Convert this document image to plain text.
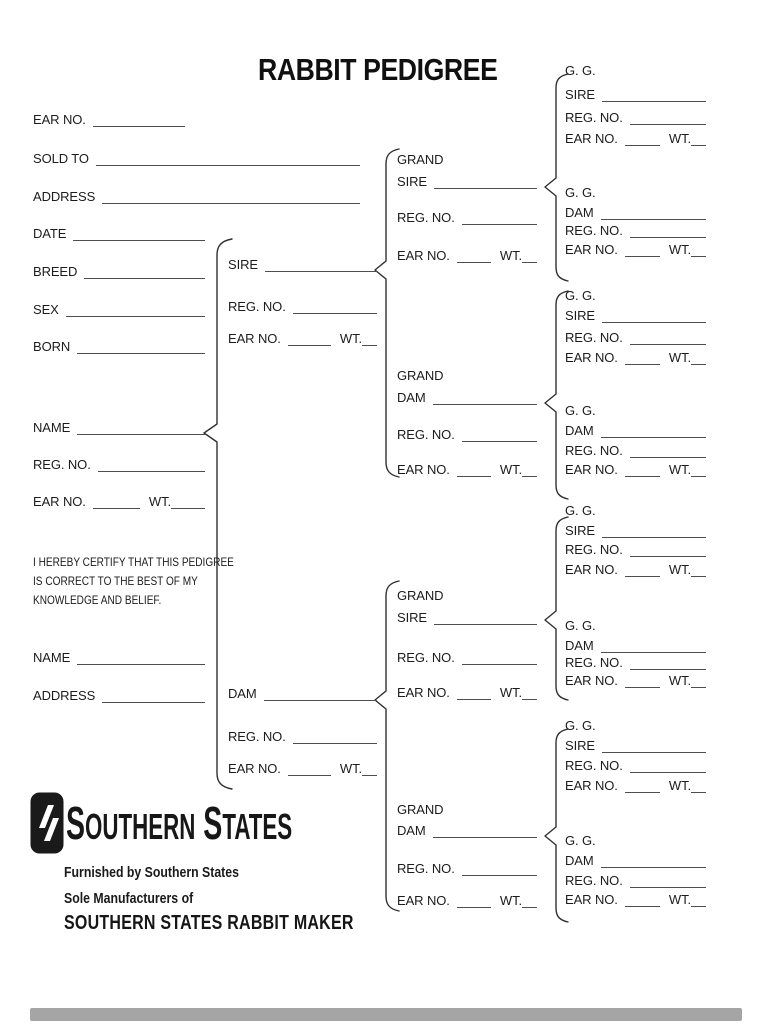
RABBIT PEDIGREE
I HEREBY CERTIFY THAT THIS PEDIGREE
IS CORRECT TO THE BEST OF MY
KNOWLEDGE AND BELIEF.
S OUTHERN S TATES
Furnished by Southern States
Sole Manufacturers of
SOUTHERN STATES RABBIT MAKER
EAR NO.
SOLD TO
ADDRESS
DATE
BREED
SEX
BORN
NAME
REG. NO.
EAR NO.	WT.
NAME
ADDRESS
SIRE
REG. NO.
EAR NO.	WT.
DAM
REG. NO.
EAR NO.	WT.
GRAND
SIRE
REG. NO.
EAR NO.	WT.
GRAND
DAM
REG. NO.
EAR NO.	WT.
GRAND
SIRE
REG. NO.
EAR NO.	WT.
GRAND
DAM
REG. NO.
EAR NO.	WT.
G. G.
SIRE
REG. NO.
EAR NO.	WT.
G. G.
DAM
REG. NO.
EAR NO.	WT.
G. G.
SIRE
REG. NO.
EAR NO.	WT.
G. G.
DAM
REG. NO.
EAR NO.	WT.
G. G.
SIRE
REG. NO.
EAR NO.	WT.
G. G.
DAM
REG. NO.
EAR NO.	WT.
G. G.
SIRE
REG. NO.
EAR NO.	WT.
G. G.
DAM
REG. NO.
EAR NO.	WT.
